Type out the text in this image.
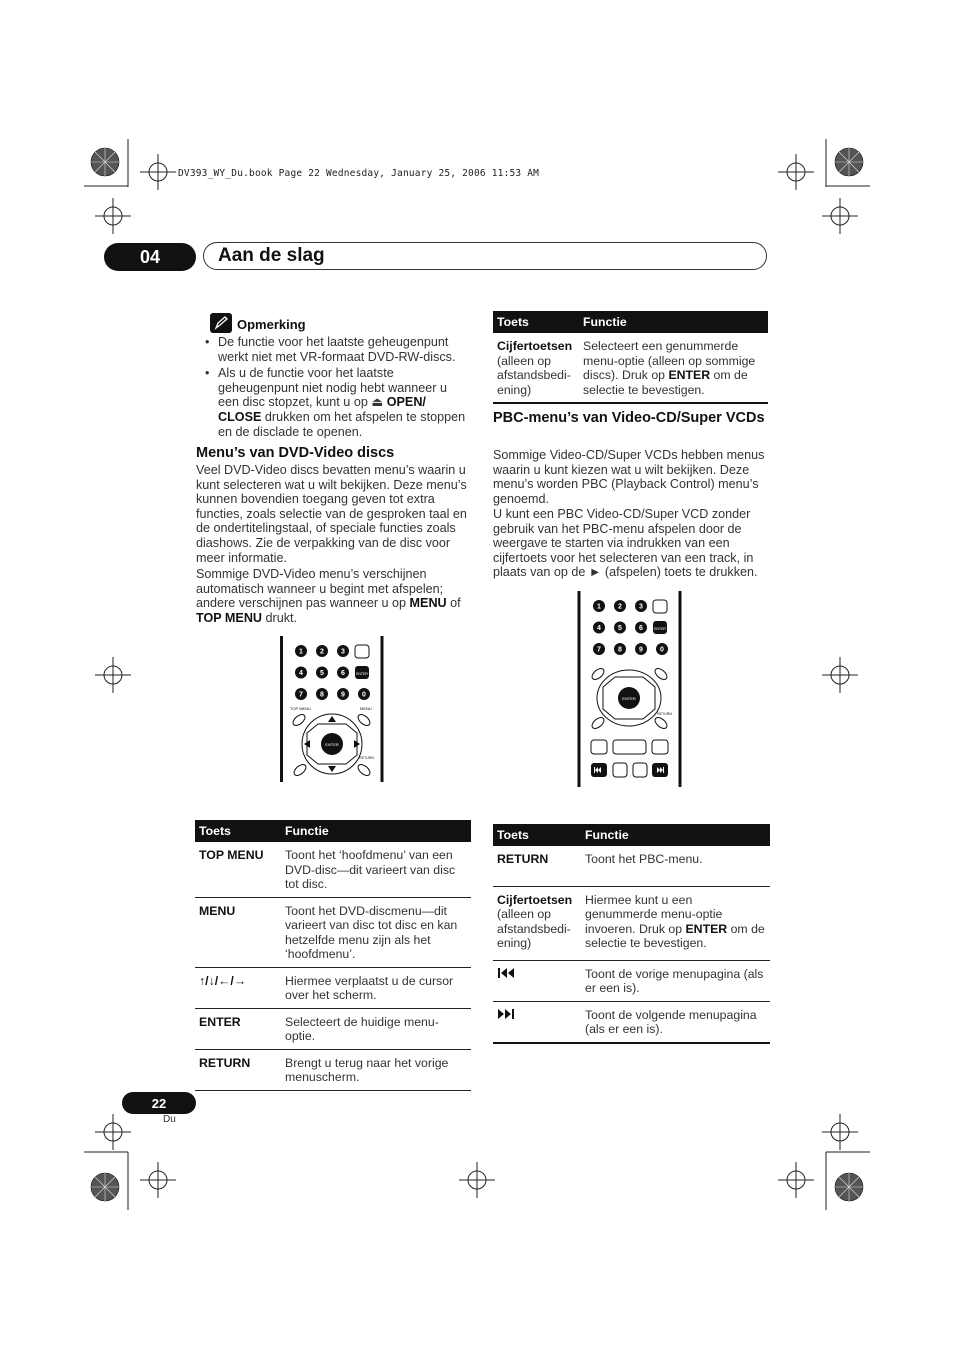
DV393_WY_Du.book Page 22 Wednesday, January 25, 2006 11:53 AM
04	Aan de slag
Opmerking
• De functie voor het laatste geheugenpunt werkt niet met VR-formaat DVD-RW-discs.
• Als u de functie voor het laatste geheugenpunt niet nodig hebt wanneer u een disc stopzet, kunt u op ⏏ OPEN/ CLOSE drukken om het afspelen te stoppen en de disclade te openen.
Menu’s van DVD-Video discs
Veel DVD-Video discs bevatten menu’s waarin u kunt selecteren wat u wilt bekijken. Deze menu’s kunnen bovendien toegang geven tot extra functies, zoals selectie van de gesproken taal en de ondertitelingstaal, of speciale functies zoals diashows. Zie de verpakking van de disc voor meer informatie.
Sommige DVD-Video menu’s verschijnen automatisch wanneer u begint met afspelen; andere verschijnen pas wanneer u op MENU of TOP MENU drukt.
1 2 3
4 5 6
7 8 9 0
ENTER
TOP MENU	MENU
ENTER
RETURN
Toets	Functie
TOP MENU	Toont het ‘hoofdmenu’ van een DVD-disc—dit varieert van disc tot disc.
MENU	Toont het DVD-discmenu—dit varieert van disc tot disc en kan hetzelfde menu zijn als het ‘hoofdmenu’.
↑/↓/←/→	Hiermee verplaatst u de cursor over het scherm.
ENTER	Selecteert de huidige menu-optie.
RETURN	Brengt u terug naar het vorige menuscherm.
Toets	Functie
Cijfertoetsen
(alleen op afstandsbedi-ening)	Selecteert een genummerde menu-optie (alleen op sommige discs). Druk op ENTER om de selectie te bevestigen.
PBC-menu’s van Video-CD/Super VCDs
Sommige Video-CD/Super VCDs hebben menus waarin u kunt kiezen wat u wilt bekijken. Deze menu’s worden PBC (Playback Control) menu’s genoemd.
U kunt een PBC Video-CD/Super VCD zonder gebruik van het PBC-menu afspelen door de weergave te starten via indrukken van een cijfertoets voor het selecteren van een track, in plaats van op de ► (afspelen) toets te drukken.
1 2 3
4 5 6
7 8 9 0
ENTER
ENTER
RETURN
Toets	Functie
RETURN	Toont het PBC-menu.
Cijfertoetsen
(alleen op afstandsbedi-ening)	Hiermee kunt u een genummerde menu-optie invoeren. Druk op ENTER om de selectie te bevestigen.
	Toont de vorige menupagina (als er een is).
	Toont de volgende menupagina (als er een is).
22
Du
